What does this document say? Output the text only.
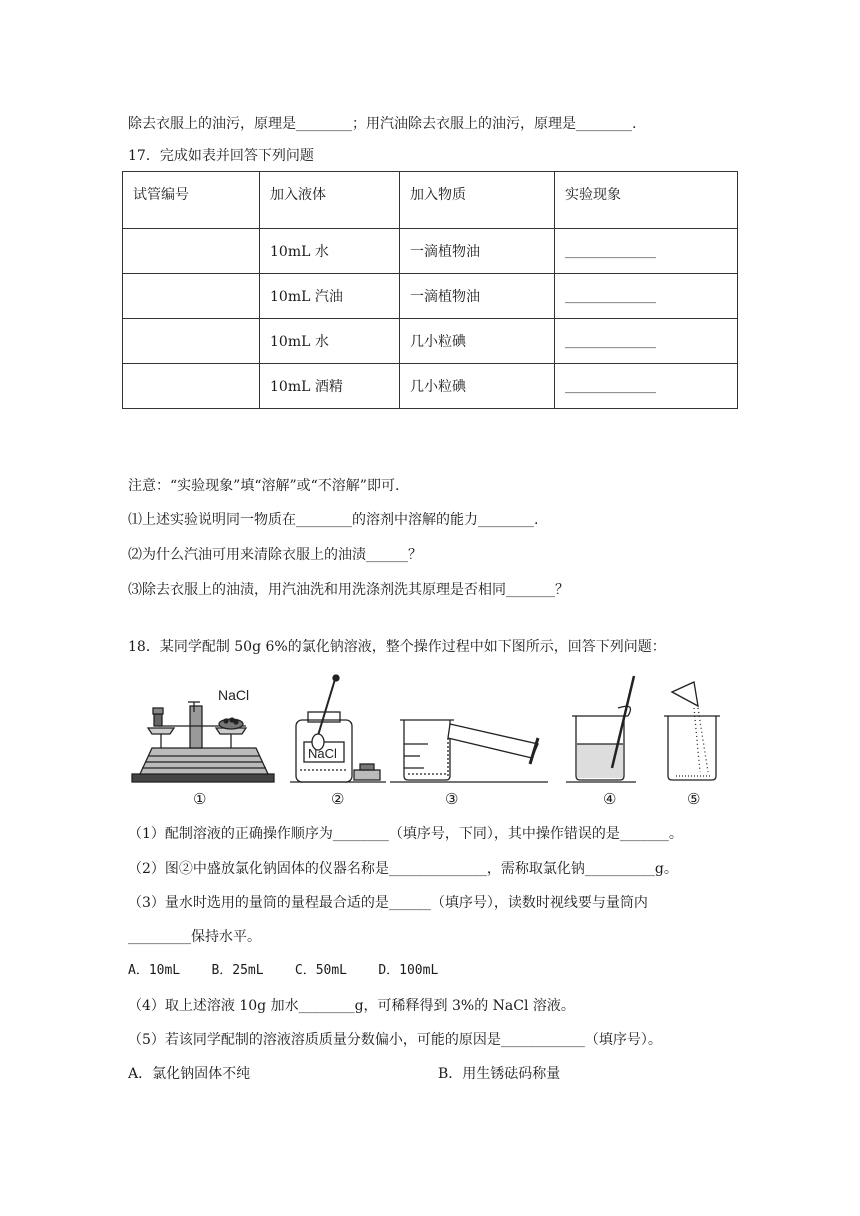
除去衣服上的油污，原理是________；用汽油除去衣服上的油污，原理是________.
17．完成如表并回答下列问题
试管编号	加入液体	加入物质	实验现象
	10mL 水	一滴植物油	_____________
	10mL 汽油	一滴植物油	_____________
	10mL 水	几小粒碘	_____________
	10mL 酒精	几小粒碘	_____________
注意：“实验现象”填“溶解”或“不溶解”即可.
⑴上述实验说明同一物质在________的溶剂中溶解的能力________.
⑵为什么汽油可用来清除衣服上的油渍______？
⑶除去衣服上的油渍，用汽油洗和用洗涤剂洗其原理是否相同_______？
18．某同学配制 50g 6%的氯化钠溶液，整个操作过程中如下图所示，回答下列问题：
NaCl
NaCl
①	②	③	④	⑤
（1）配制溶液的正确操作顺序为________（填序号，下同），其中操作错误的是_______。
（2）图②中盛放氯化钠固体的仪器名称是______________，需称取氯化钠__________g。
（3）量水时选用的量筒的量程最合适的是______（填序号），读数时视线要与量筒内
_________保持水平。
A．10mL    B．25mL    C．50mL    D．100mL
（4）取上述溶液 10g 加水________g，可稀释得到 3%的 NaCl 溶液。
（5）若该同学配制的溶液溶质质量分数偏小，可能的原因是____________（填序号）。
A．氯化钠固体不纯	B．用生锈砝码称量
